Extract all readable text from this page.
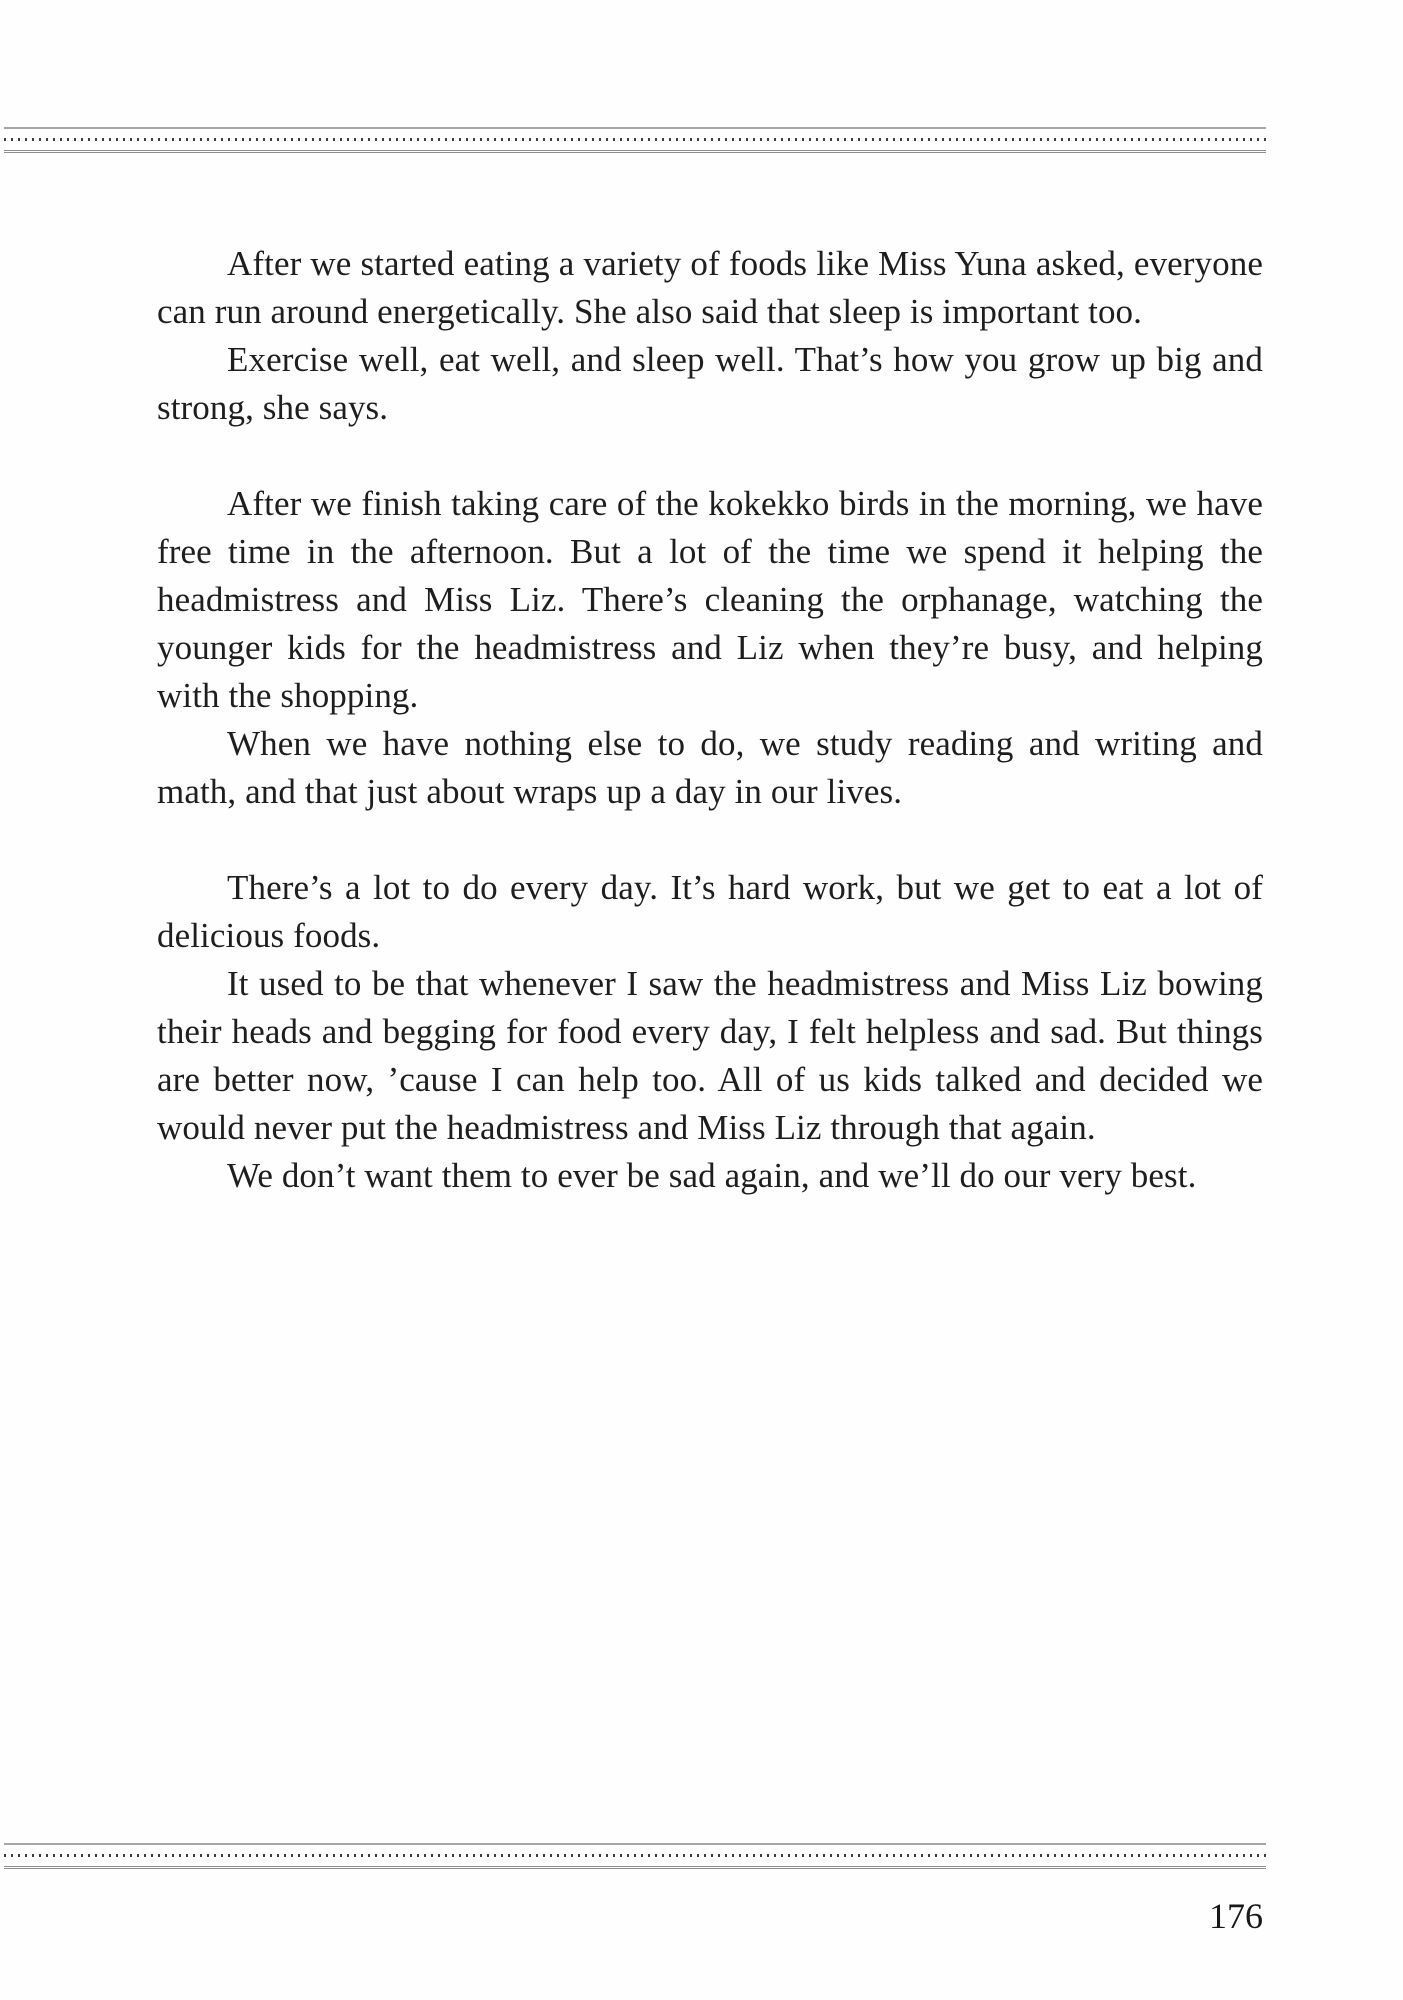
After we started eating a variety of foods like Miss Yuna asked, everyone can run around energetically. She also said that sleep is important too.

Exercise well, eat well, and sleep well. That’s how you grow up big and strong, she says.

After we finish taking care of the kokekko birds in the morning, we have free time in the afternoon. But a lot of the time we spend it helping the headmistress and Miss Liz. There’s cleaning the orphanage, watching the younger kids for the headmistress and Liz when they’re busy, and helping with the shopping.

When we have nothing else to do, we study reading and writing and math, and that just about wraps up a day in our lives.

There’s a lot to do every day. It’s hard work, but we get to eat a lot of delicious foods.

It used to be that whenever I saw the headmistress and Miss Liz bowing their heads and begging for food every day, I felt helpless and sad. But things are better now, ’cause I can help too. All of us kids talked and decided we would never put the headmistress and Miss Liz through that again.

We don’t want them to ever be sad again, and we’ll do our very best.

176
